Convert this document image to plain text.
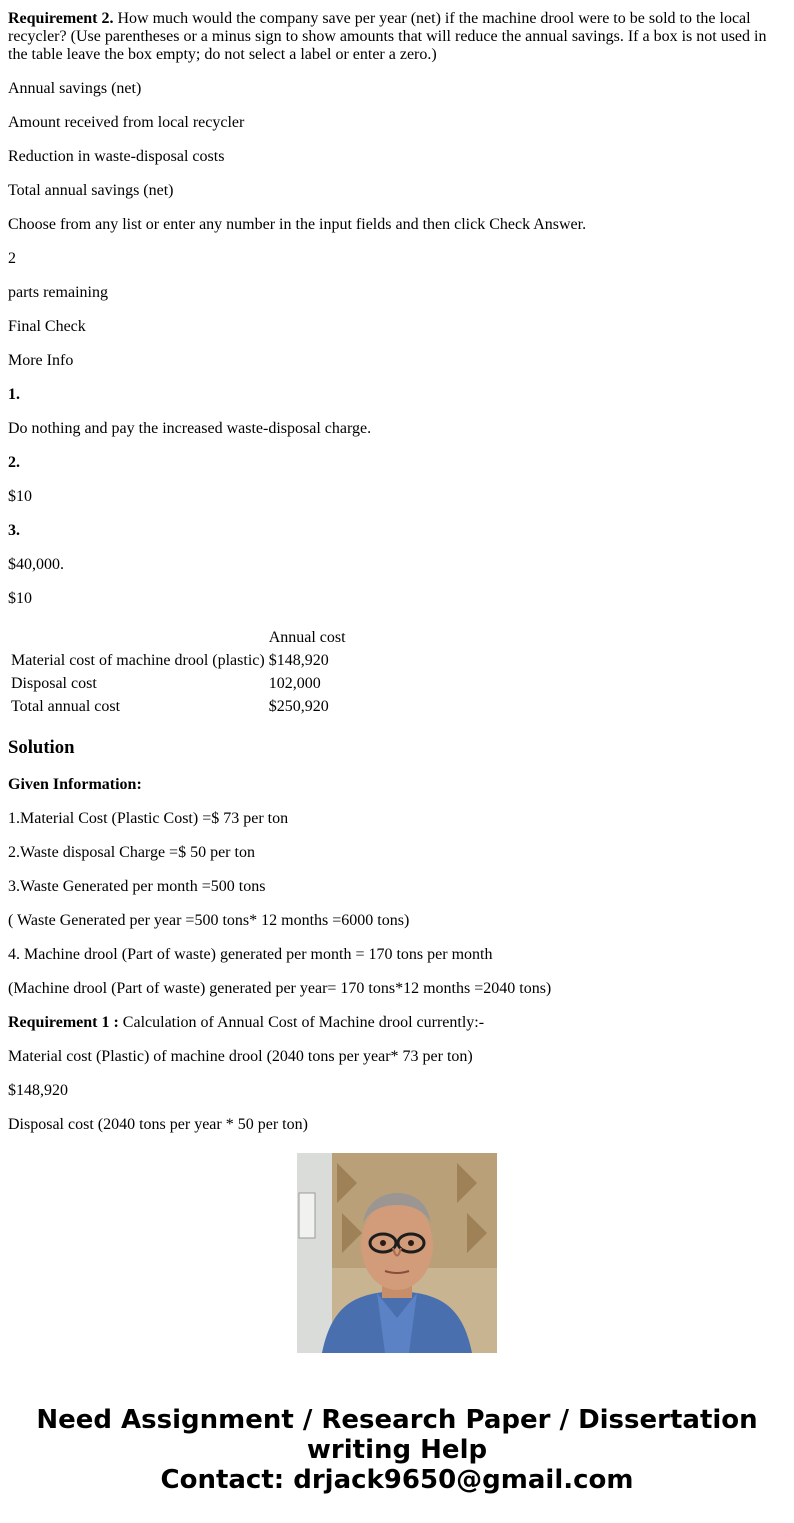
Requirement 2. How much would the company save per year (net) if the machine drool were to be sold to the local recycler? (Use parentheses or a minus sign to show amounts that will reduce the annual savings. If a box is not used in the table leave the box empty; do not select a label or enter a zero.)

Annual savings (net)
Amount received from local recycler
Reduction in waste-disposal costs
Total annual savings (net)
Choose from any list or enter any number in the input fields and then click Check Answer.
2
parts remaining
Final Check
More Info
1.
Do nothing and pay the increased waste-disposal charge.
2.
$10
3.
$40,000.
$10
	Annual cost
Material cost of machine drool (plastic)	$148,920
Disposal cost	102,000
Total annual cost	$250,920
Solution
Given Information:
1.Material Cost (Plastic Cost) =$ 73 per ton
2.Waste disposal Charge =$ 50 per ton
3.Waste Generated per month =500 tons
( Waste Generated per year =500 tons* 12 months =6000 tons)
4. Machine drool (Part of waste) generated per month = 170 tons per month
(Machine drool (Part of waste) generated per year= 170 tons*12 months =2040 tons)
Requirement 1 : Calculation of Annual Cost of Machine drool currently:-
Material cost (Plastic) of machine drool (2040 tons per year* 73 per ton)
$148,920
Disposal cost (2040 tons per year * 50 per ton)
Need Assignment / Research Paper / Dissertation
writing Help
Contact: drjack9650@gmail.com
